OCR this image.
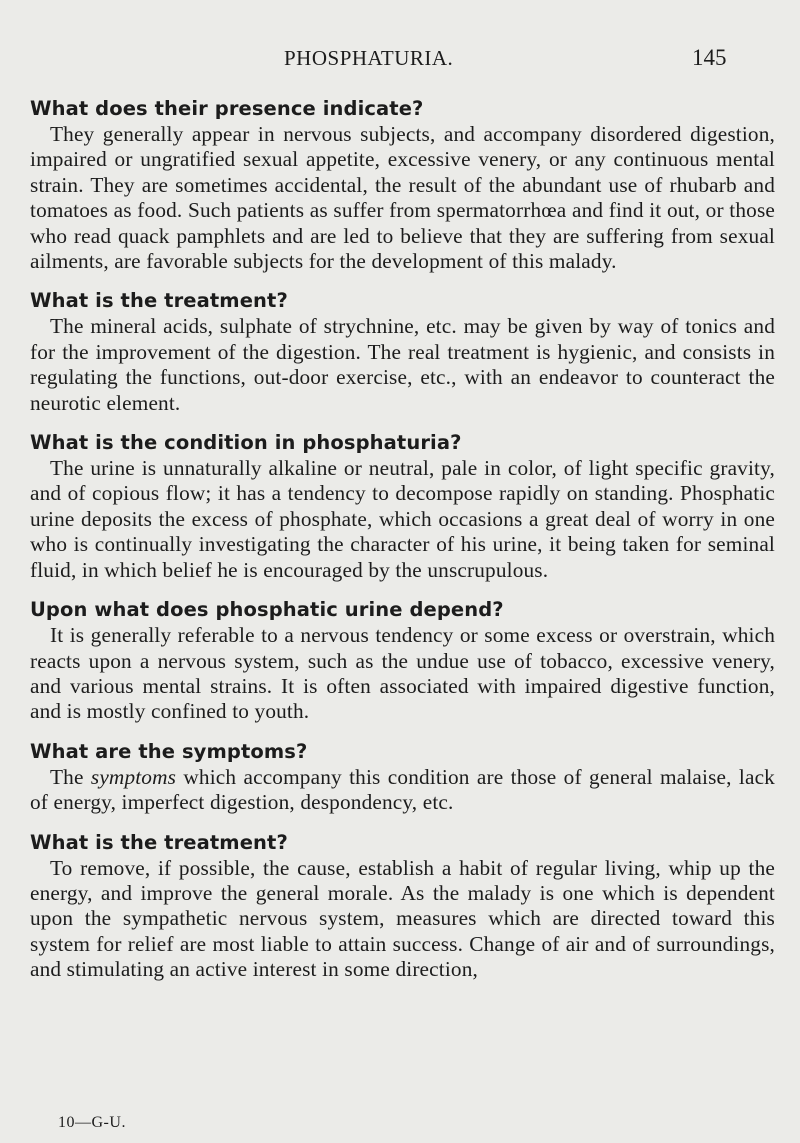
PHOSPHATURIA.	145

What does their presence indicate?

They generally appear in nervous subjects, and accompany disordered digestion, impaired or ungratified sexual appetite, excessive venery, or any continuous mental strain. They are sometimes accidental, the result of the abundant use of rhubarb and tomatoes as food. Such patients as suffer from spermatorrhœa and find it out, or those who read quack pamphlets and are led to believe that they are suffering from sexual ailments, are favorable subjects for the development of this malady.

What is the treatment?

The mineral acids, sulphate of strychnine, etc. may be given by way of tonics and for the improvement of the digestion. The real treatment is hygienic, and consists in regulating the functions, out-door exercise, etc., with an endeavor to counteract the neurotic element.

What is the condition in phosphaturia?

The urine is unnaturally alkaline or neutral, pale in color, of light specific gravity, and of copious flow; it has a tendency to decompose rapidly on standing. Phosphatic urine deposits the excess of phosphate, which occasions a great deal of worry in one who is continually investigating the character of his urine, it being taken for seminal fluid, in which belief he is encouraged by the unscrupulous.

Upon what does phosphatic urine depend?

It is generally referable to a nervous tendency or some excess or overstrain, which reacts upon a nervous system, such as the undue use of tobacco, excessive venery, and various mental strains. It is often associated with impaired digestive function, and is mostly confined to youth.

What are the symptoms?

The symptoms which accompany this condition are those of general malaise, lack of energy, imperfect digestion, despondency, etc.

What is the treatment?

To remove, if possible, the cause, establish a habit of regular living, whip up the energy, and improve the general morale. As the malady is one which is dependent upon the sympathetic nervous system, measures which are directed toward this system for relief are most liable to attain success. Change of air and of surroundings, and stimulating an active interest in some direction,

10—G-U.
